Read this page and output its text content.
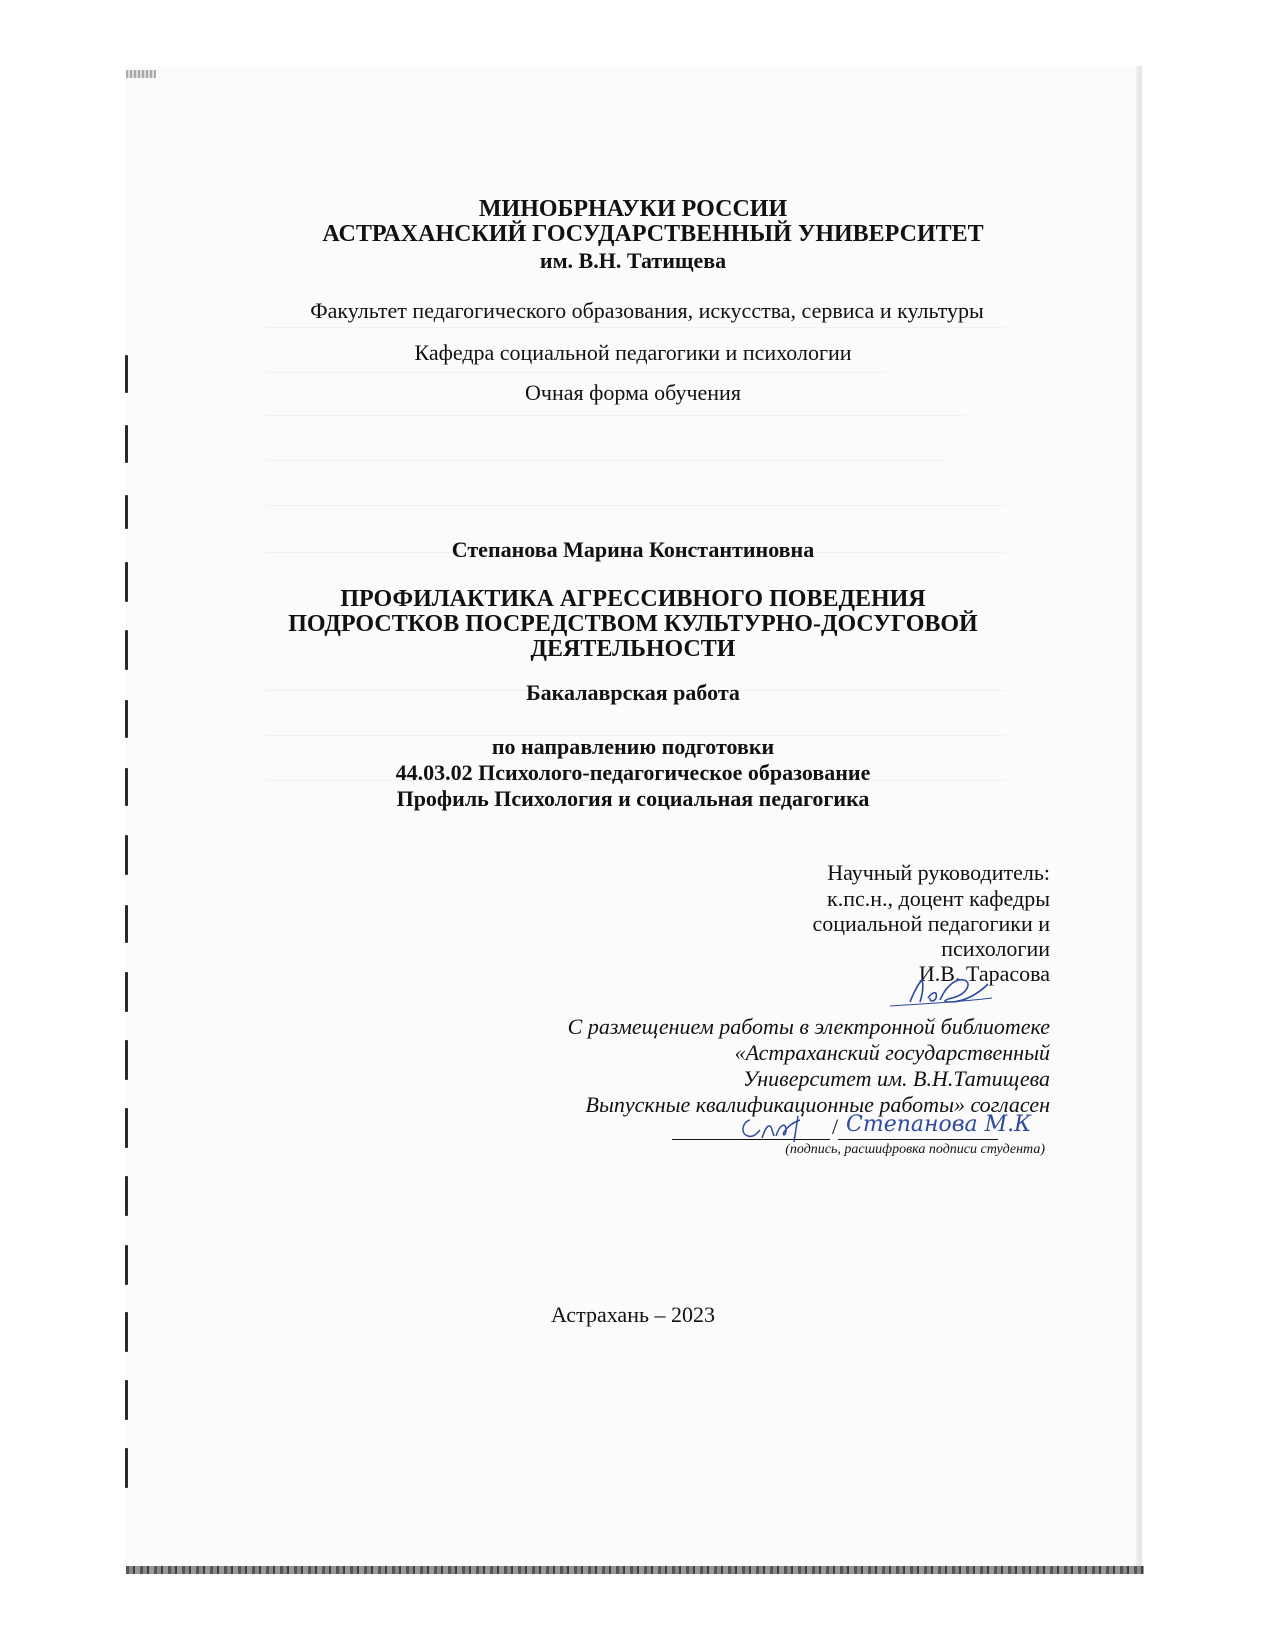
МИНОБРНАУКИ РОССИИ
АСТРАХАНСКИЙ ГОСУДАРСТВЕННЫЙ УНИВЕРСИТЕТ
им. В.Н. Татищева
Факультет педагогического образования, искусства, сервиса и культуры
Кафедра социальной педагогики и психологии
Очная форма обучения
Степанова Марина Константиновна
ПРОФИЛАКТИКА АГРЕССИВНОГО ПОВЕДЕНИЯ
ПОДРОСТКОВ ПОСРЕДСТВОМ КУЛЬТУРНО-ДОСУГОВОЙ
ДЕЯТЕЛЬНОСТИ
Бакалаврская работа
по направлению подготовки
44.03.02 Психолого-педагогическое образование
Профиль Психология и социальная педагогика
Научный руководитель:
к.пс.н., доцент кафедры
социальной педагогики и
психологии
И.В. Тарасова
С размещением работы в электронной библиотеке
«Астраханский государственный
Университет им. В.Н.Татищева
Выпускные квалификационные работы» согласен
/ Степанова М.К
(подпись, расшифровка подписи студента)
Астрахань – 2023
